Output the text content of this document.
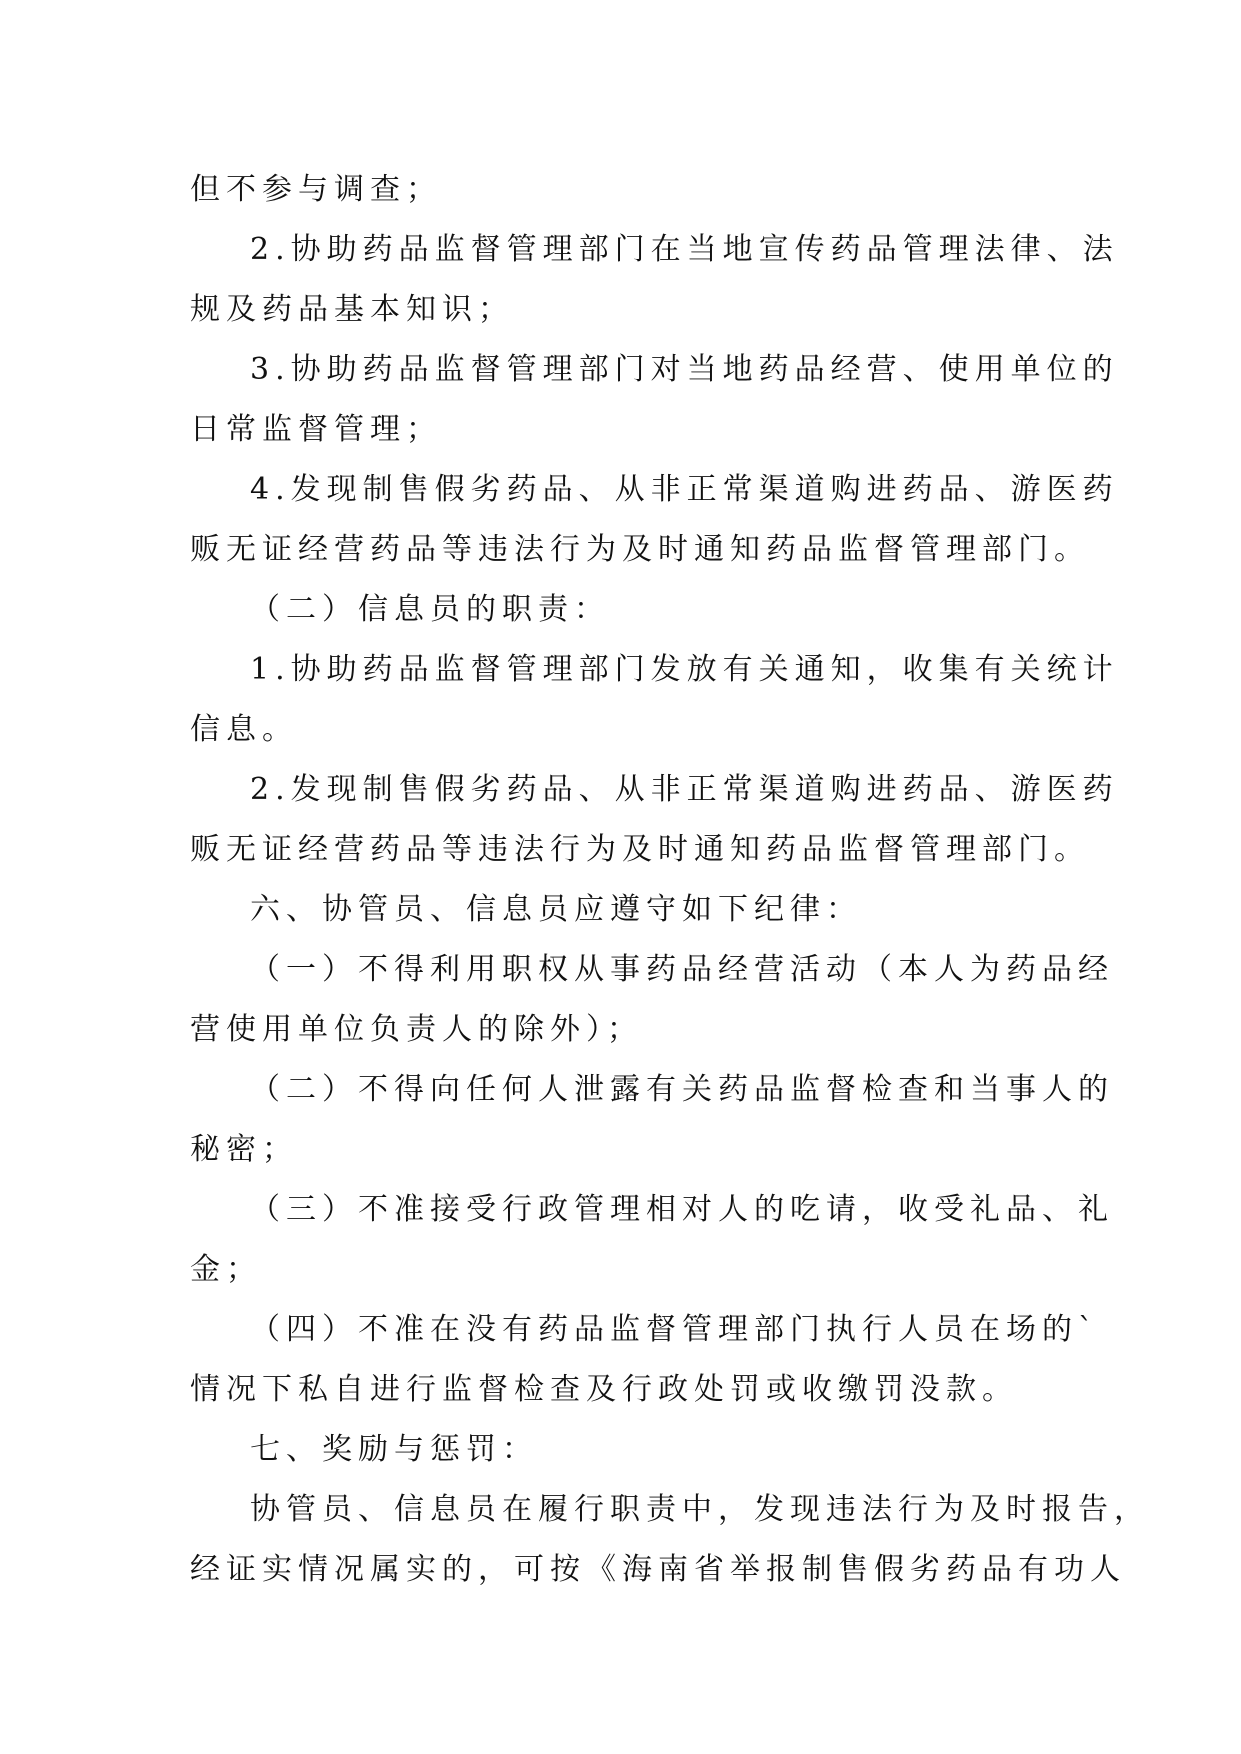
但不参与调查；
2.协助药品监督管理部门在当地宣传药品管理法律、法
规及药品基本知识；
3.协助药品监督管理部门对当地药品经营、使用单位的
日常监督管理；
4.发现制售假劣药品、从非正常渠道购进药品、游医药
贩无证经营药品等违法行为及时通知药品监督管理部门。
（二）信息员的职责：
1.协助药品监督管理部门发放有关通知，收集有关统计
信息。
2.发现制售假劣药品、从非正常渠道购进药品、游医药
贩无证经营药品等违法行为及时通知药品监督管理部门。
六、协管员、信息员应遵守如下纪律：
（一）不得利用职权从事药品经营活动（本人为药品经
营使用单位负责人的除外）；
（二）不得向任何人泄露有关药品监督检查和当事人的
秘密；
（三）不准接受行政管理相对人的吃请，收受礼品、礼
金；
（四）不准在没有药品监督管理部门执行人员在场的`
情况下私自进行监督检查及行政处罚或收缴罚没款。
七、奖励与惩罚：
协管员、信息员在履行职责中，发现违法行为及时报告，
经证实情况属实的，可按《海南省举报制售假劣药品有功人
